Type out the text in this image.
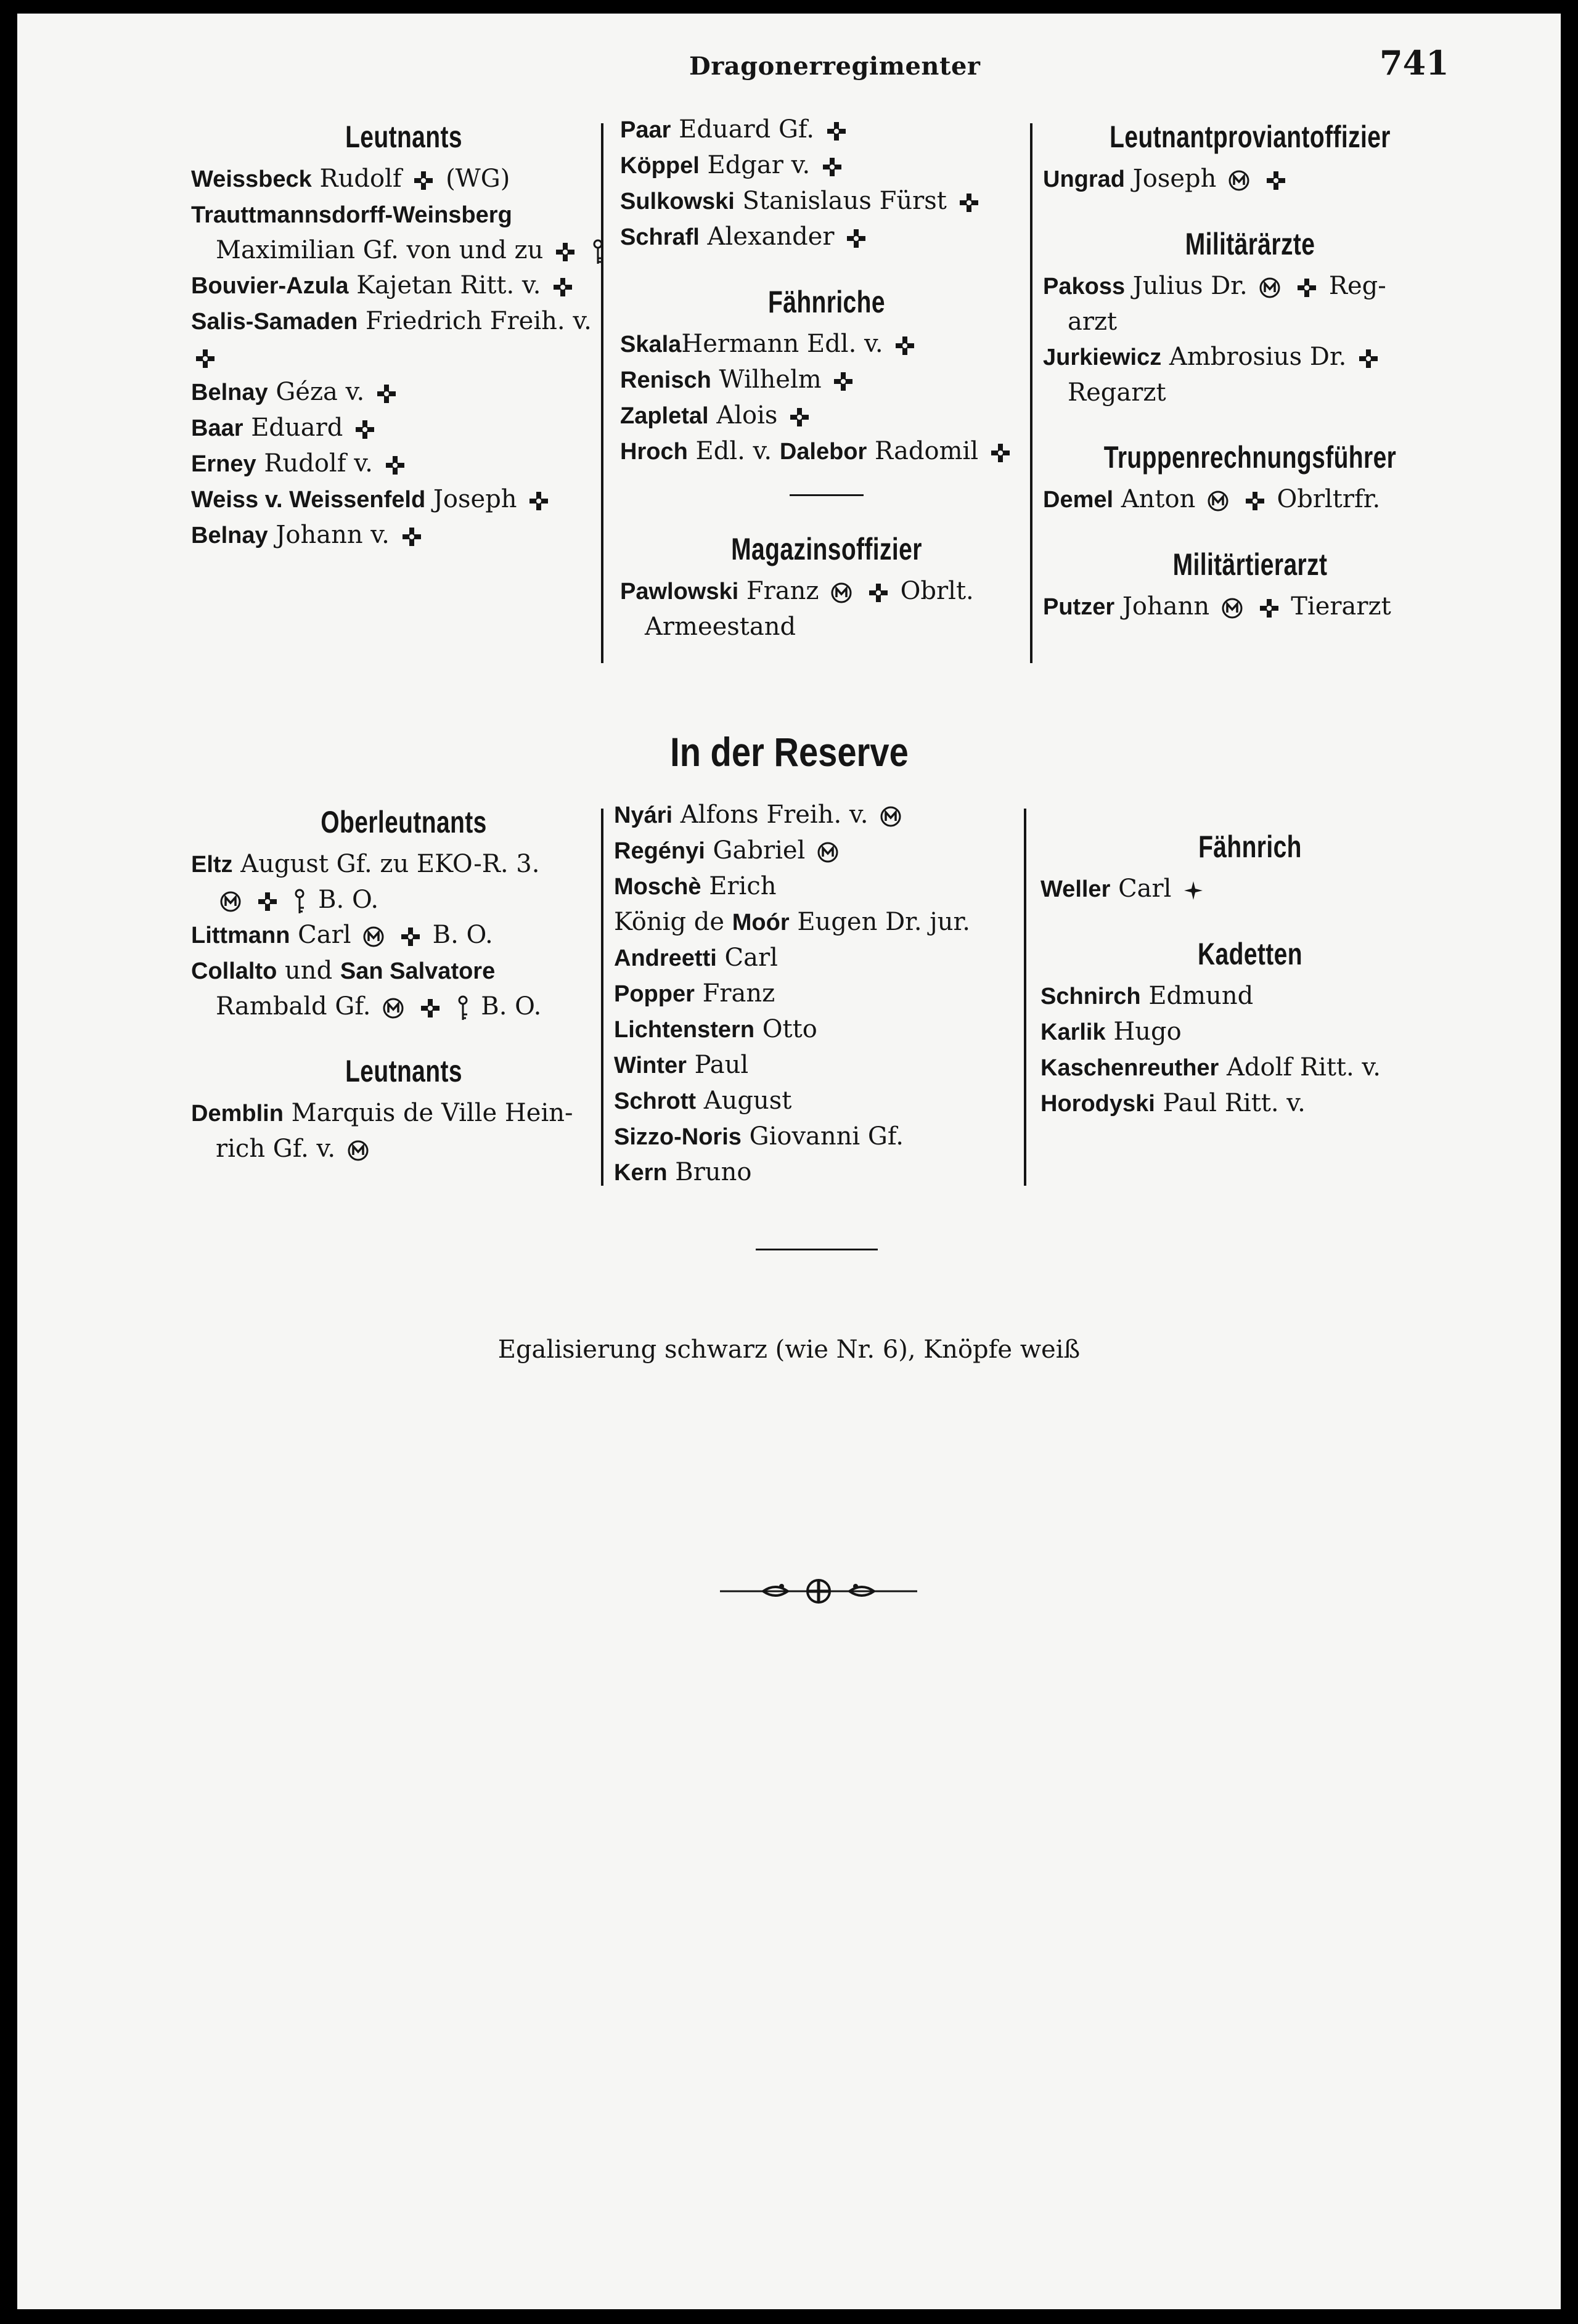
Dragonerregimenter	741
Leutnants
Weissbeck Rudolf  (WG)
Trauttmannsdorff-Weinsberg
Maximilian Gf. von und zu
Bouvier-Azula Kajetan Ritt. v.
Salis-Samaden Friedrich Freih. v.
Belnay Géza v.
Baar Eduard
Erney Rudolf v.
Weiss v. Weissenfeld Joseph
Belnay Johann v.
Paar Eduard Gf.
Köppel Edgar v.
Sulkowski Stanislaus Fürst
Schrafl Alexander
Fähnriche
SkalaHermann Edl. v.
Renisch Wilhelm
Zapletal Alois
Hroch Edl. v. Dalebor Radomil
Magazinsoffizier
Pawlowski Franz	Obrlt.
Armeestand
Leutnantproviantoffizier
Ungrad Joseph
Militärärzte
Pakoss Julius Dr.	Reg-
arzt
Jurkiewicz Ambrosius Dr.
Regarzt
Truppenrechnungsführer
Demel Anton	Obrltrfr.
Militärtierarzt
Putzer Johann	Tierarzt
In der Reserve
Oberleutnants
Eltz August Gf. zu EKO-R. 3.
B. O.
Littmann Carl	B. O.
Collalto und San Salvatore
Rambald Gf.	B. O.
Leutnants
Demblin Marquis de Ville Hein-
rich Gf. v.
Nyári Alfons Freih. v.
Regényi Gabriel
Moschè Erich
König de Moór Eugen Dr. jur.
Andreetti Carl
Popper Franz
Lichtenstern Otto
Winter Paul
Schrott August
Sizzo-Noris Giovanni Gf.
Kern Bruno
Fähnrich
Weller Carl
Kadetten
Schnirch Edmund
Karlik Hugo
Kaschenreuther Adolf Ritt. v.
Horodyski Paul Ritt. v.
Egalisierung schwarz (wie Nr. 6), Knöpfe weiß
